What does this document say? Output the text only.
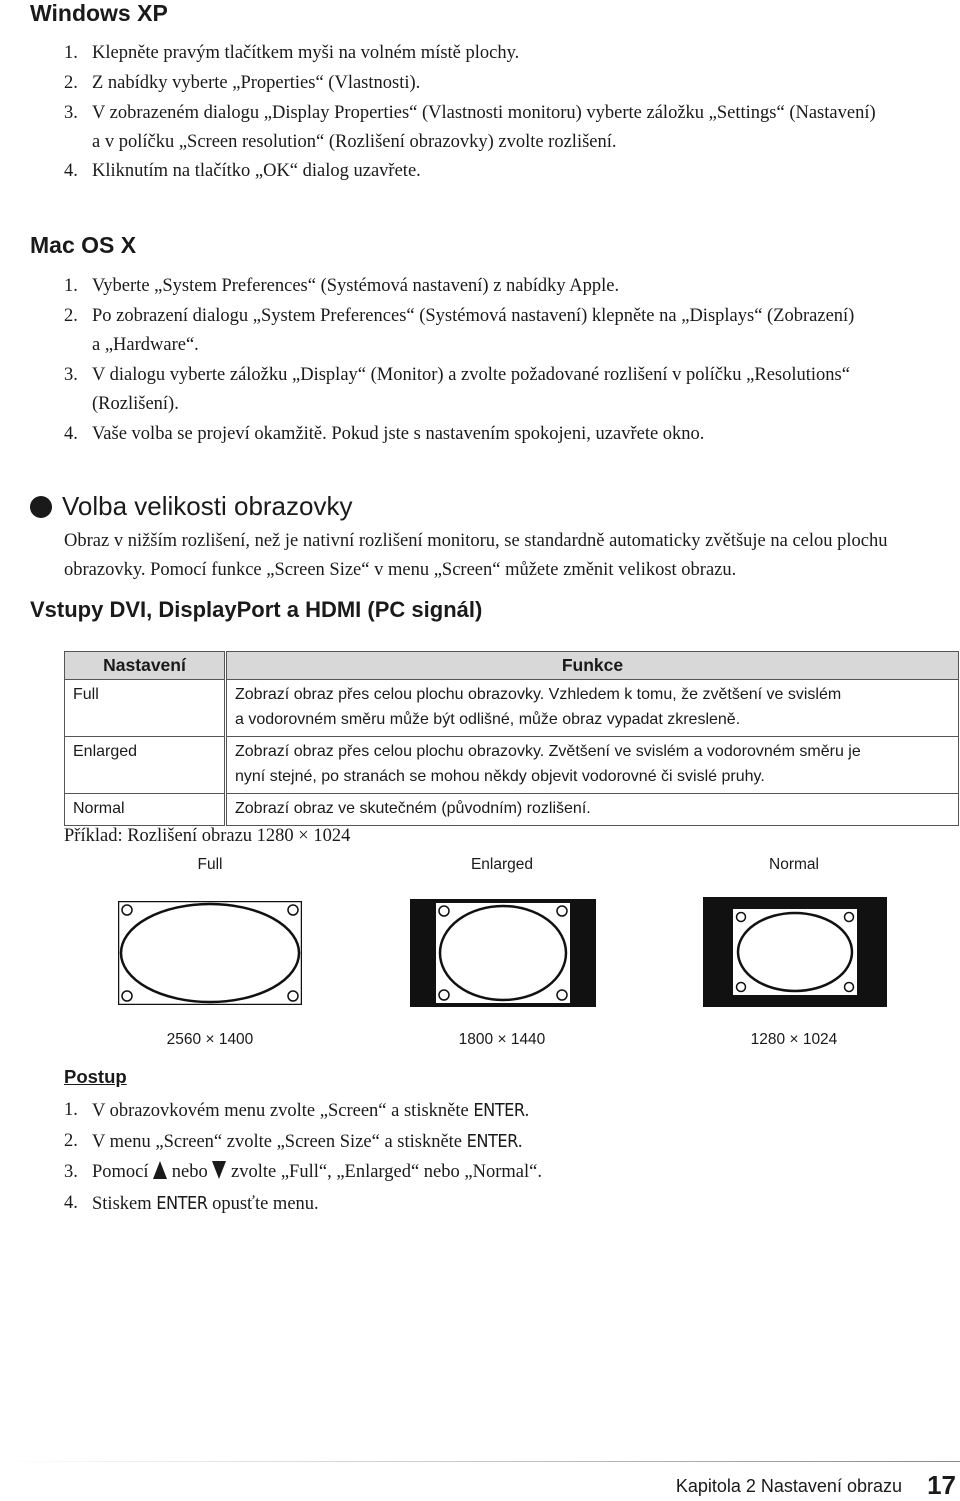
Windows XP
1. Klepněte pravým tlačítkem myši na volném místě plochy.
2. Z nabídky vyberte „Properties“ (Vlastnosti).
3. V zobrazeném dialogu „Display Properties“ (Vlastnosti monitoru) vyberte záložku „Settings“ (Nastavení)
a v políčku „Screen resolution“ (Rozlišení obrazovky) zvolte rozlišení.
4. Kliknutím na tlačítko „OK“ dialog uzavřete.
Mac OS X
1. Vyberte „System Preferences“ (Systémová nastavení) z nabídky Apple.
2. Po zobrazení dialogu „System Preferences“ (Systémová nastavení) klepněte na „Displays“ (Zobrazení)
a „Hardware“.
3. V dialogu vyberte záložku „Display“ (Monitor) a zvolte požadované rozlišení v políčku „Resolutions“
(Rozlišení).
4. Vaše volba se projeví okamžitě. Pokud jste s nastavením spokojeni, uzavřete okno.
Volba velikosti obrazovky
Obraz v nižším rozlišení, než je nativní rozlišení monitoru, se standardně automaticky zvětšuje na celou plochu
obrazovky. Pomocí funkce „Screen Size“ v menu „Screen“ můžete změnit velikost obrazu.
Vstupy DVI, DisplayPort a HDMI (PC signál)
Nastavení		Funkce
Full		Zobrazí obraz přes celou plochu obrazovky. Vzhledem k tomu, že zvětšení ve svislém
a vodorovném směru může být odlišné, může obraz vypadat zkresleně.

Enlarged		Zobrazí obraz přes celou plochu obrazovky. Zvětšení ve svislém a vodorovném směru je
nyní stejné, po stranách se mohou někdy objevit vodorovné či svislé pruhy.

Normal		Zobrazí obraz ve skutečném (původním) rozlišení.
Příklad: Rozlišení obrazu 1280 × 1024
Full	Enlarged	Normal
2560 × 1400	1800 × 1440	1280 × 1024
Postup
1. V obrazovkovém menu zvolte „Screen“ a stiskněte ENTER.
2. V menu „Screen“ zvolte „Screen Size“ a stiskněte ENTER.
3. Pomocí  nebo  zvolte „Full“, „Enlarged“ nebo „Normal“.
4. Stiskem ENTER opusťte menu.
Kapitola 2 Nastavení obrazu 17
